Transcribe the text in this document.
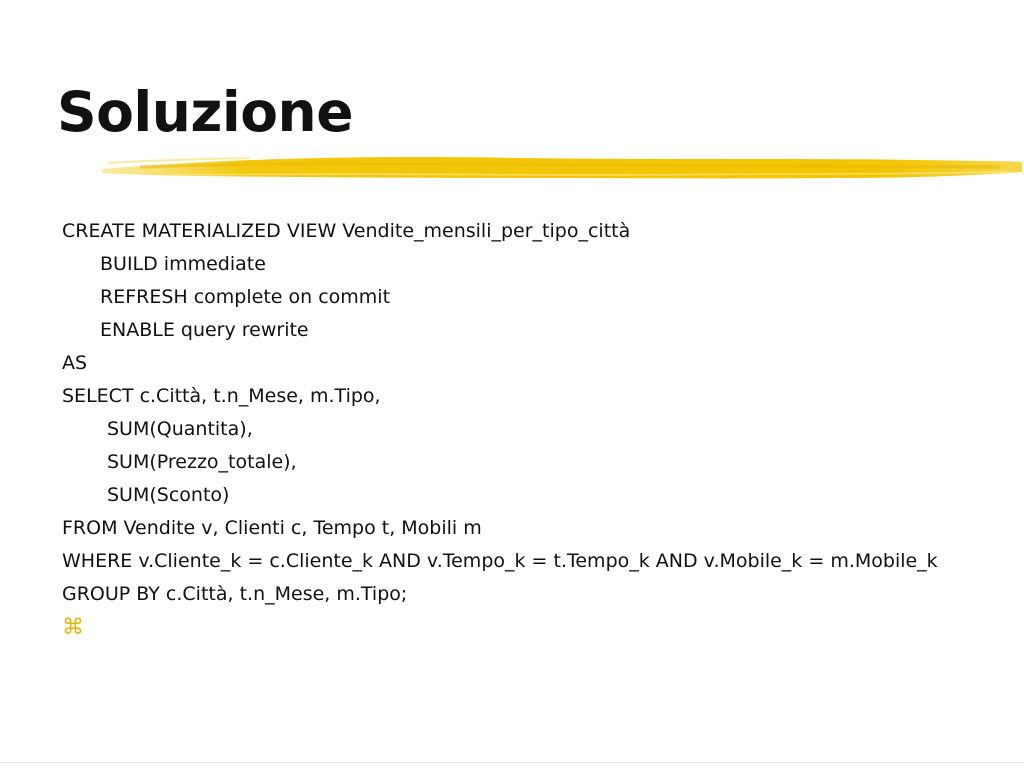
Soluzione
CREATE MATERIALIZED VIEW Vendite_mensili_per_tipo_città
BUILD immediate
REFRESH complete on commit
ENABLE query rewrite
AS
SELECT c.Città, t.n_Mese, m.Tipo,
SUM(Quantita),
SUM(Prezzo_totale),
SUM(Sconto)
FROM Vendite v, Clienti c, Tempo t, Mobili m
WHERE v.Cliente_k = c.Cliente_k AND v.Tempo_k = t.Tempo_k AND v.Mobile_k = m.Mobile_k
GROUP BY c.Città, t.n_Mese, m.Tipo;
⌘
